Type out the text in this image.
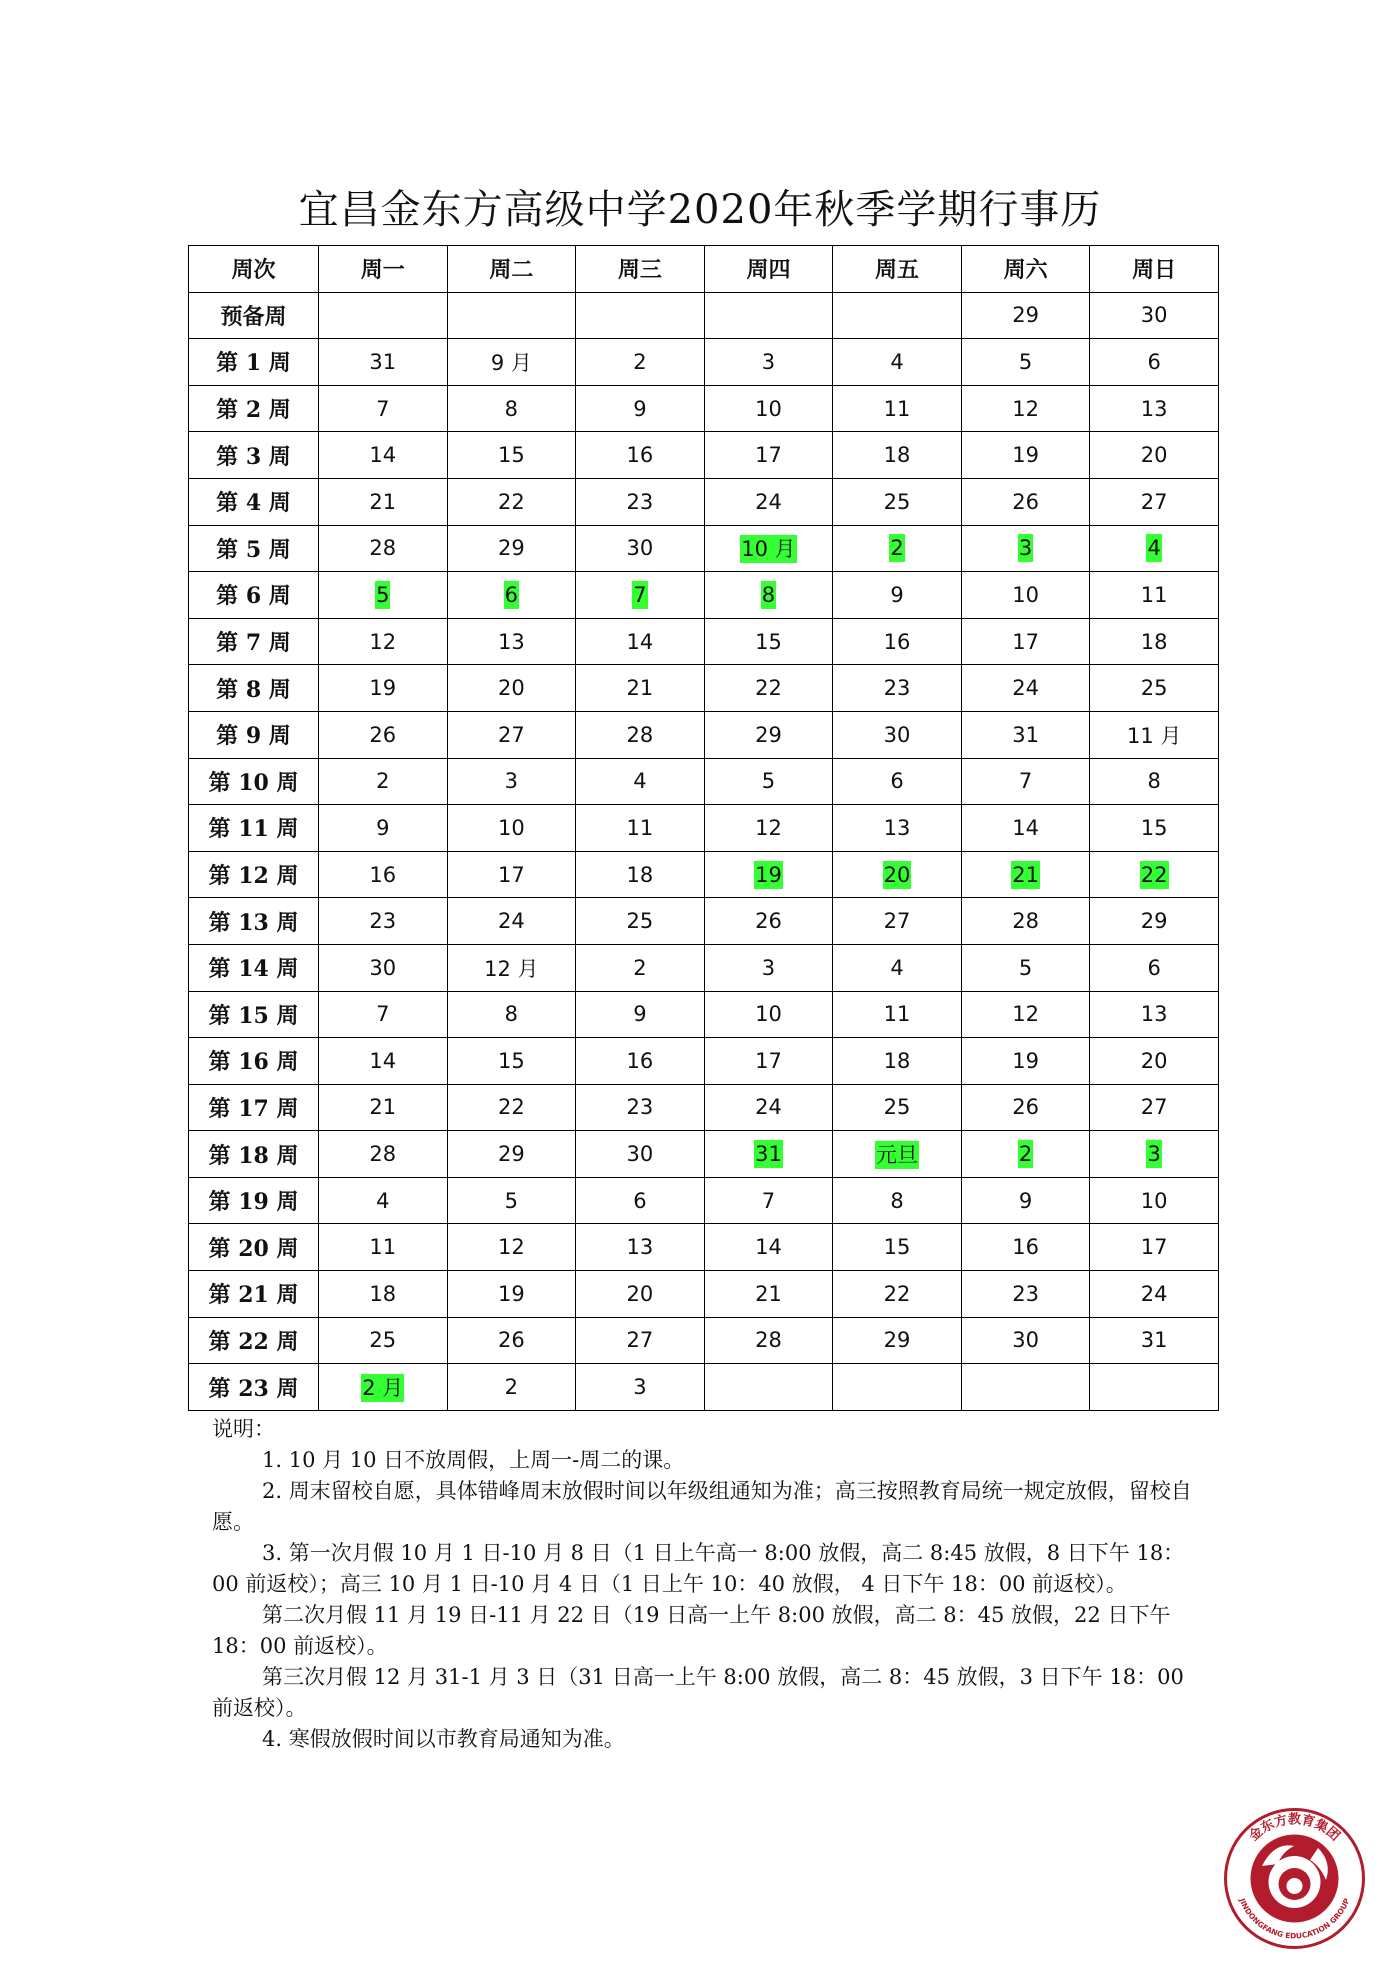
宜昌金东方高级中学2020年秋季学期行事历
周次	周一	周二	周三	周四	周五	周六	周日
预备周						29	30
第 1 周	31	9 月	2	3	4	5	6
第 2 周	7	8	9	10	11	12	13
第 3 周	14	15	16	17	18	19	20
第 4 周	21	22	23	24	25	26	27
第 5 周	28	29	30	10 月	2	3	4
第 6 周	5	6	7	8	9	10	11
第 7 周	12	13	14	15	16	17	18
第 8 周	19	20	21	22	23	24	25
第 9 周	26	27	28	29	30	31	11 月
第 10 周	2	3	4	5	6	7	8
第 11 周	9	10	11	12	13	14	15
第 12 周	16	17	18	19	20	21	22
第 13 周	23	24	25	26	27	28	29
第 14 周	30	12 月	2	3	4	5	6
第 15 周	7	8	9	10	11	12	13
第 16 周	14	15	16	17	18	19	20
第 17 周	21	22	23	24	25	26	27
第 18 周	28	29	30	31	元旦	2	3
第 19 周	4	5	6	7	8	9	10
第 20 周	11	12	13	14	15	16	17
第 21 周	18	19	20	21	22	23	24
第 22 周	25	26	27	28	29	30	31
第 23 周	2 月	2	3				

说明：

1. 10 月 10 日不放周假，上周一-周二的课。

2. 周末留校自愿，具体错峰周末放假时间以年级组通知为准；高三按照教育局统一规定放假，留校自愿。

3. 第一次月假 10 月 1 日-10 月 8 日（1 日上午高一 8:00 放假，高二 8:45 放假，8 日下午 18：00 前返校）；高三 10 月 1 日-10 月 4 日（1 日上午 10：40 放假， 4 日下午 18：00 前返校）。

第二次月假 11 月 19 日-11 月 22 日（19 日高一上午 8:00 放假，高二 8：45 放假，22 日下午 18：00 前返校）。

第三次月假 12 月 31-1 月 3 日（31 日高一上午 8:00 放假，高二 8：45 放假，3 日下午 18：00 前返校）。

4. 寒假放假时间以市教育局通知为准。

金东方教育集团
JINDONGFANG EDUCATION GROUP
